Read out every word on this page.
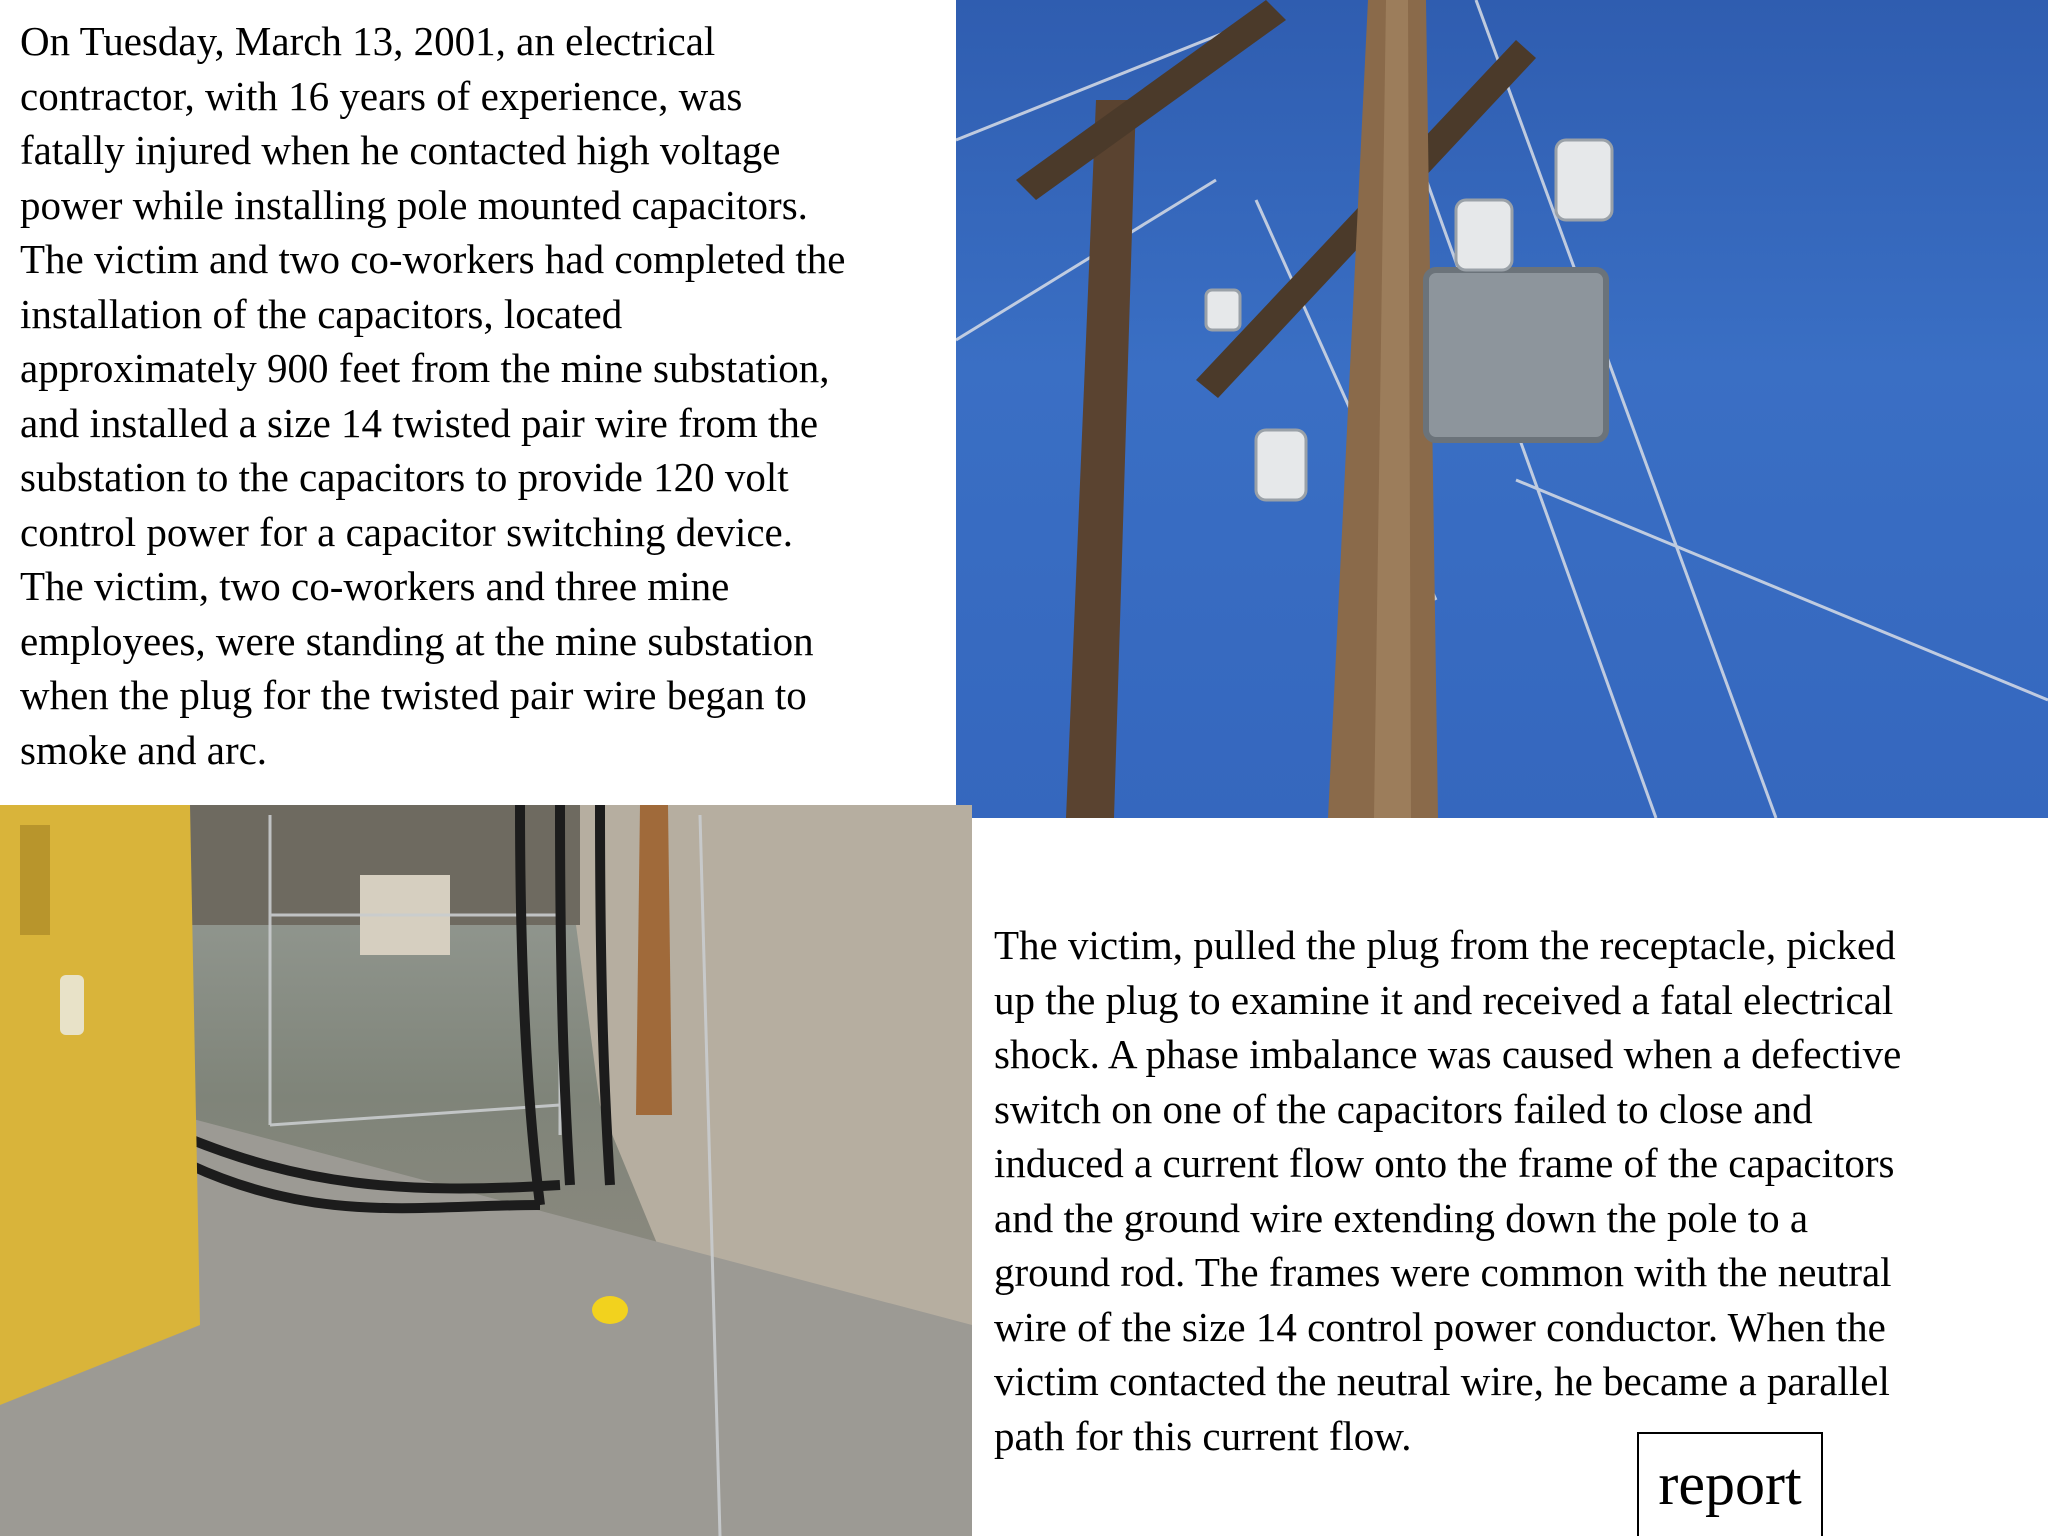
On Tuesday, March 13, 2001, an electrical
contractor, with 16 years of experience, was
fatally injured when he contacted high voltage
power while installing pole mounted capacitors.
The victim and two co-workers had completed the
installation of the capacitors, located
approximately 900 feet from the mine substation,
and installed a size 14 twisted pair wire from the
substation to the capacitors to provide 120 volt
control power for a capacitor switching device.
The victim, two co-workers and three mine
employees, were standing at the mine substation
when the plug for the twisted pair wire began to
smoke and arc.
The victim, pulled the plug from the receptacle, picked
up the plug to examine it and received a fatal electrical
shock. A phase imbalance was caused when a defective
switch on one of the capacitors failed to close and
induced a current flow onto the frame of the capacitors
and the ground wire extending down the pole to a
ground rod. The frames were common with the neutral
wire of the size 14 control power conductor. When the
victim contacted the neutral wire, he became a parallel
path for this current flow.
report
